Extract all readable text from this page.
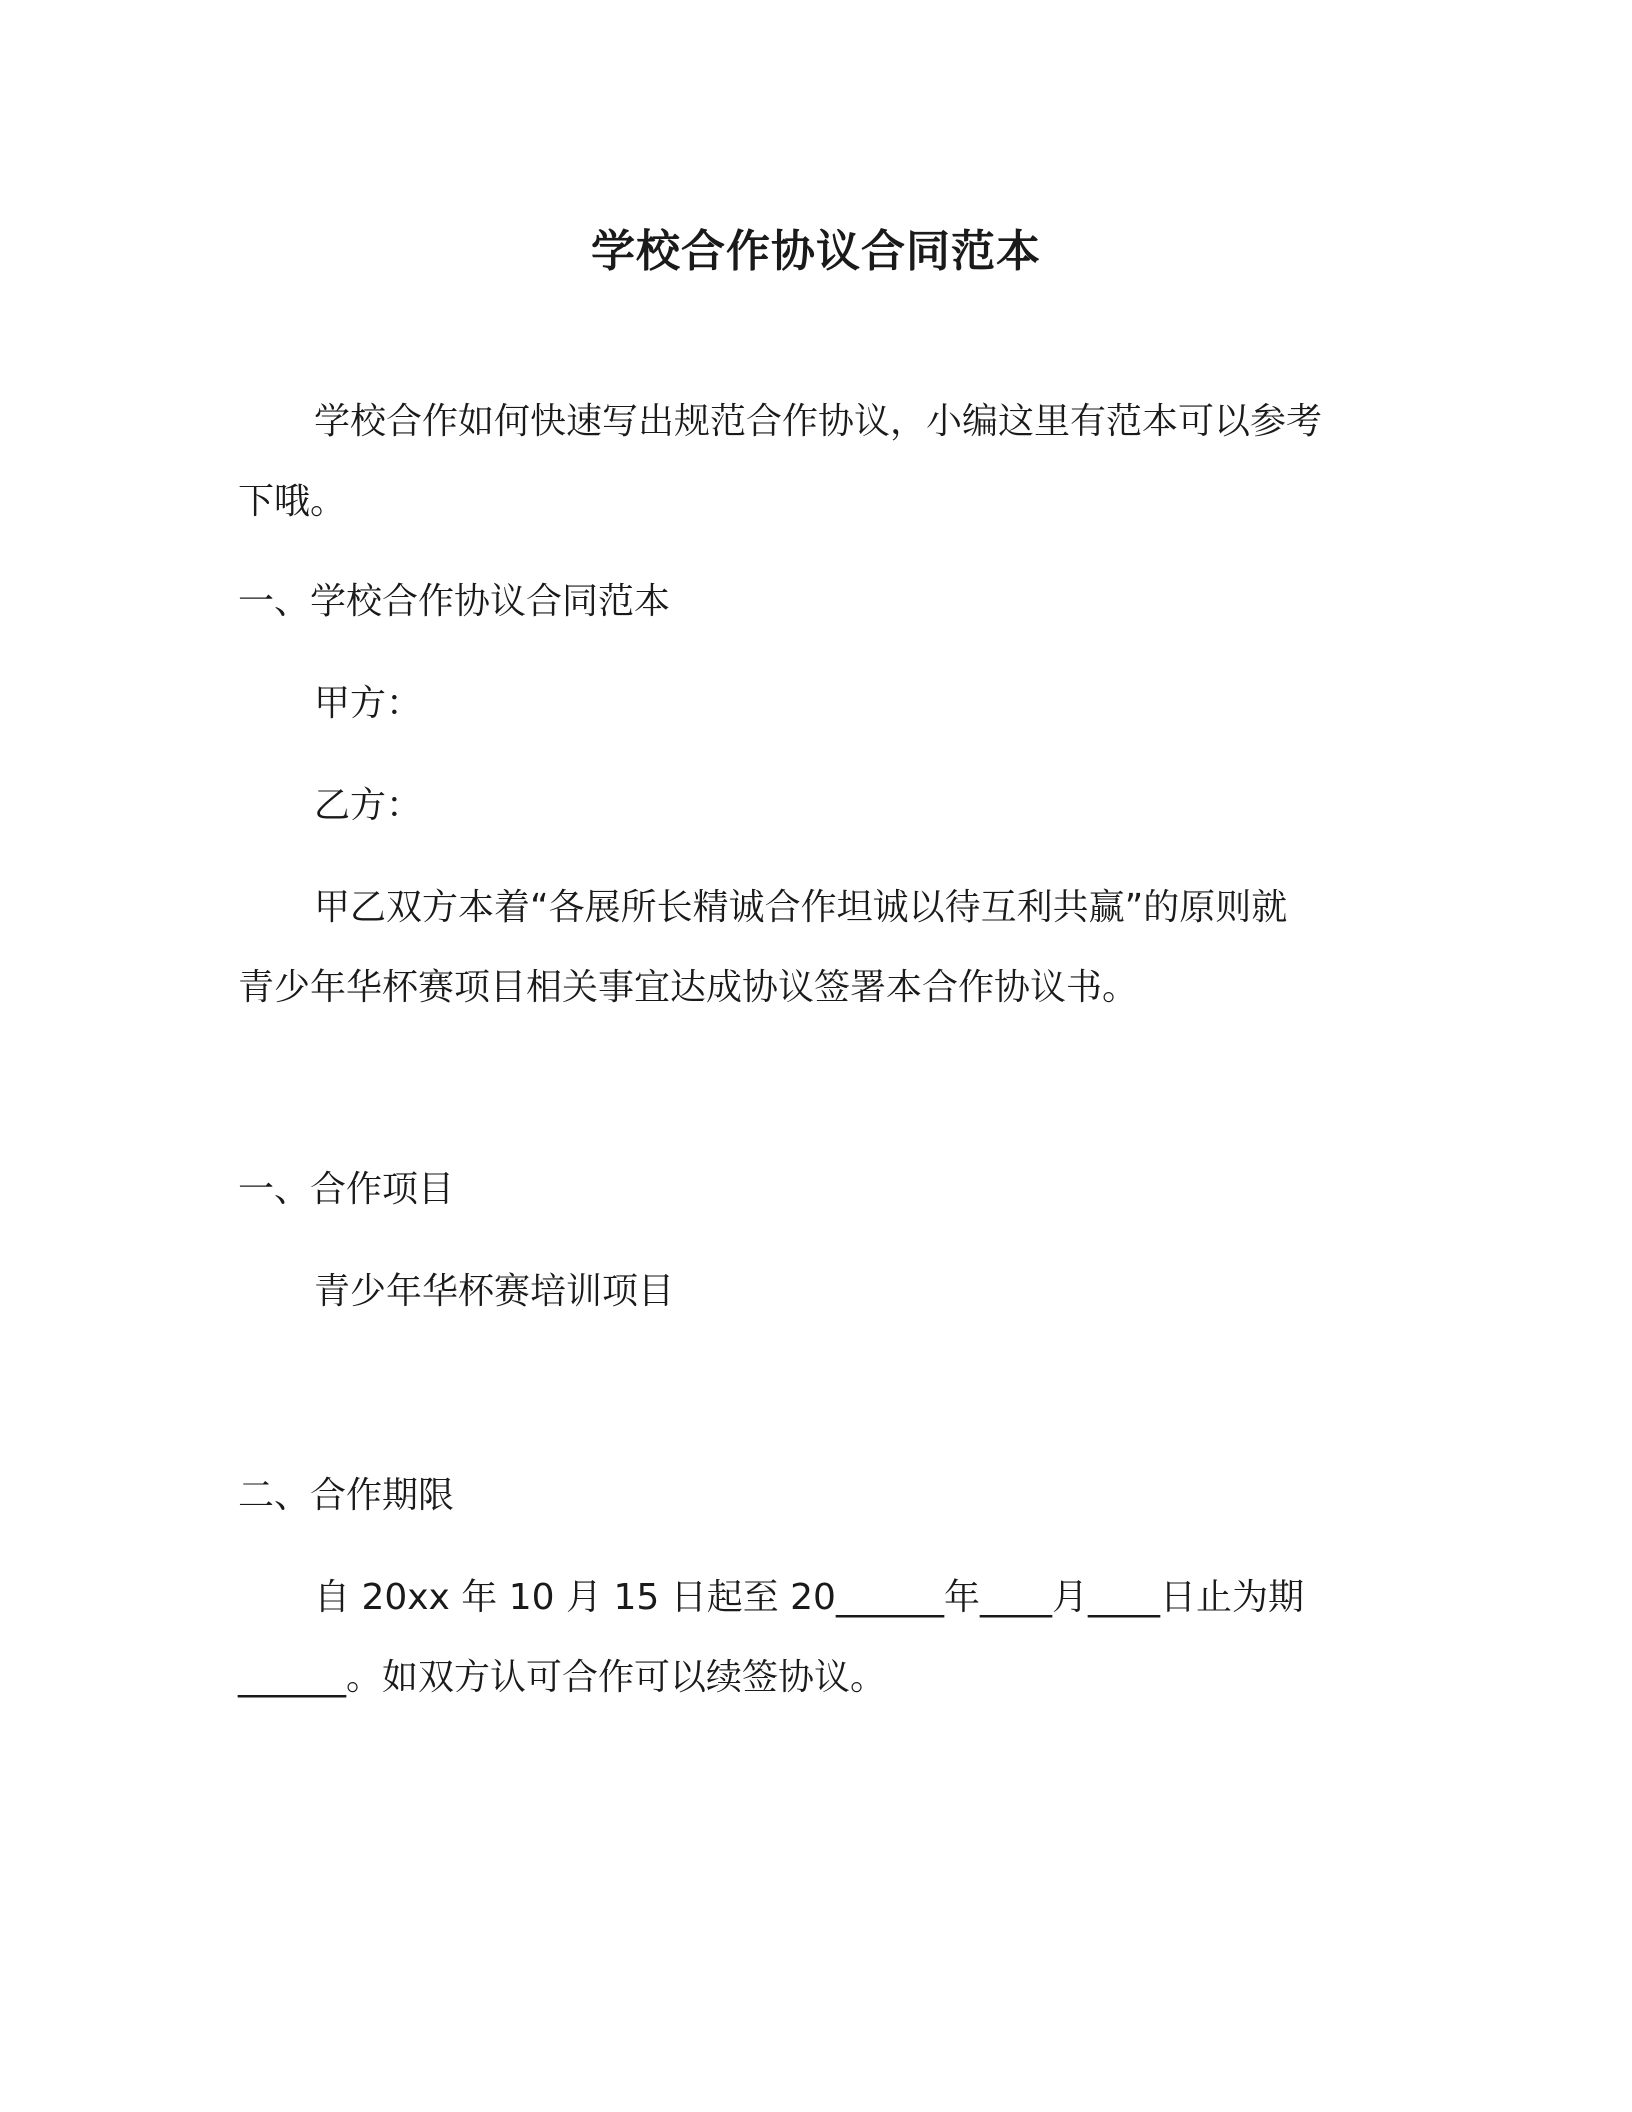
学校合作协议合同范本
学校合作如何快速写出规范合作协议，小编这里有范本可以参考
下哦。
一、学校合作协议合同范本
甲方：
乙方：
甲乙双方本着“各展所长精诚合作坦诚以待互利共赢”的原则就
青少年华杯赛项目相关事宜达成协议签署本合作协议书。
一、合作项目
青少年华杯赛培训项目
二、合作期限
自 20xx 年 10 月 15 日起至 20______年____月____日止为期
______。如双方认可合作可以续签协议。
